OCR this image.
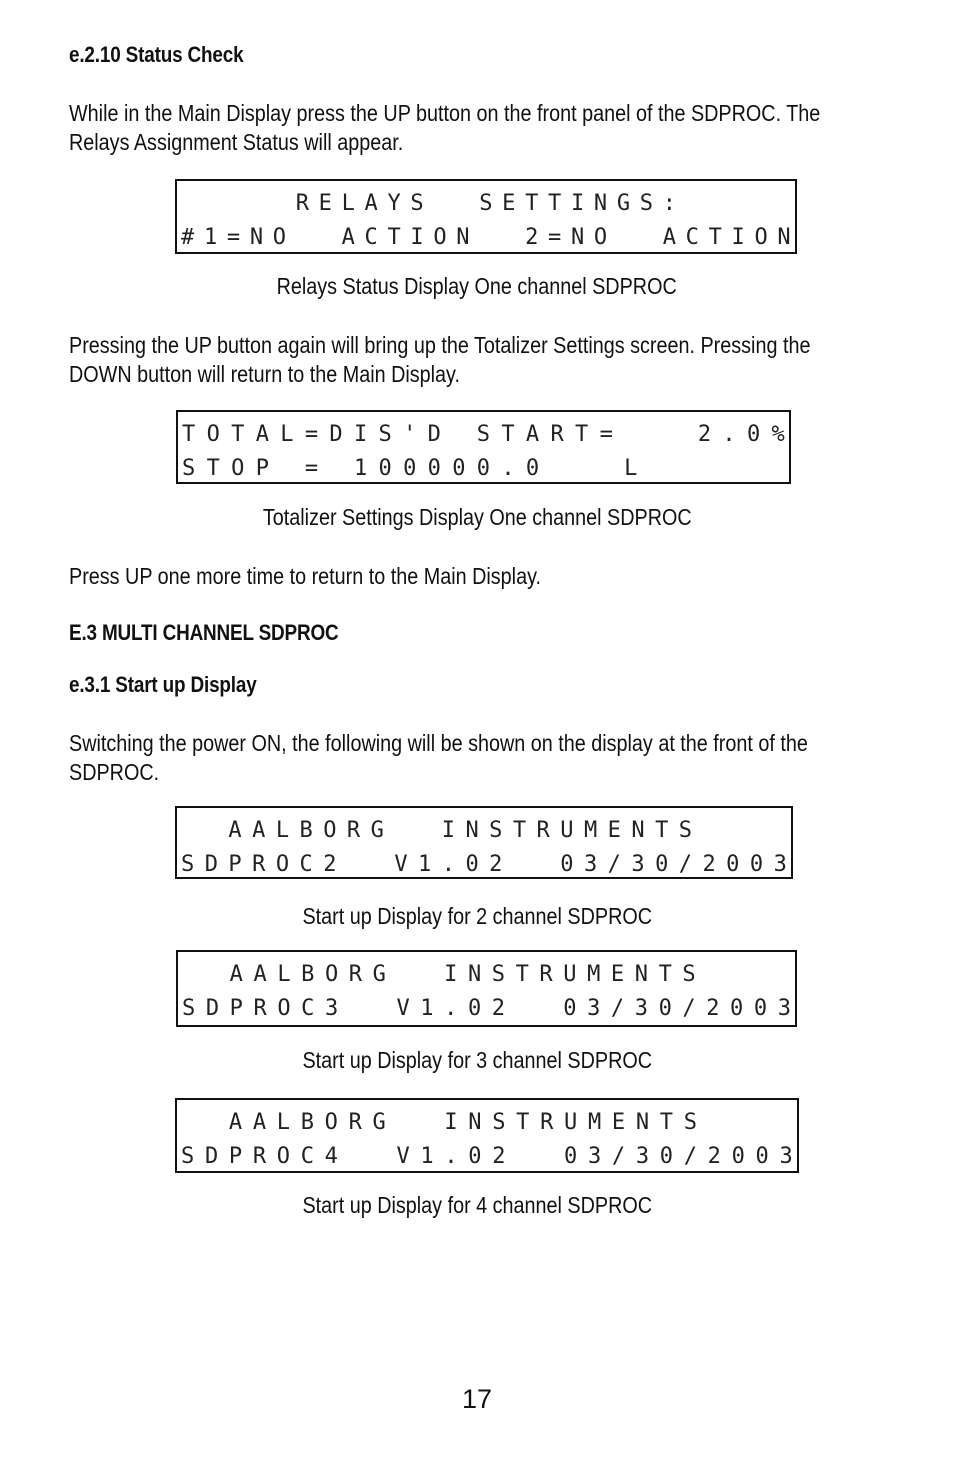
e.2.10 Status Check
While in the Main Display press the UP button on the front panel of the SDPROC. The
Relays Assignment Status will appear.

R E L A Y S

	S E T T I N G S :

# 1 = N O

	A C T I O N

	2 = N O

	A C T I O N
Relays Status Display One channel SDPROC
Pressing the UP button again will bring up the Totalizer Settings screen. Pressing the
DOWN button will return to the Main Display.
T O T A L = D I S ' D
S T A R T =

	2 . 0 %
S T O P
=
1 0 0 0 0 0 . 0

	L

Totalizer Settings Display One channel SDPROC
Press UP one more time to return to the Main Display.
E.3 MULTI CHANNEL SDPROC
e.3.1 Start up Display
Switching the power ON, the following will be shown on the display at the front of the
SDPROC.

A A L B O R G

	I N S T R U M E N T S

S D P R O C 2

	V 1 . 0 2

	0 3 / 3 0 / 2 0 0 3
Start up Display for 2 channel SDPROC

A A L B O R G

	I N S T R U M E N T S

S D P R O C 3

	V 1 . 0 2

	0 3 / 3 0 / 2 0 0 3
Start up Display for 3 channel SDPROC

A A L B O R G

	I N S T R U M E N T S

S D P R O C 4

	V 1 . 0 2

	0 3 / 3 0 / 2 0 0 3
Start up Display for 4 channel SDPROC
17
